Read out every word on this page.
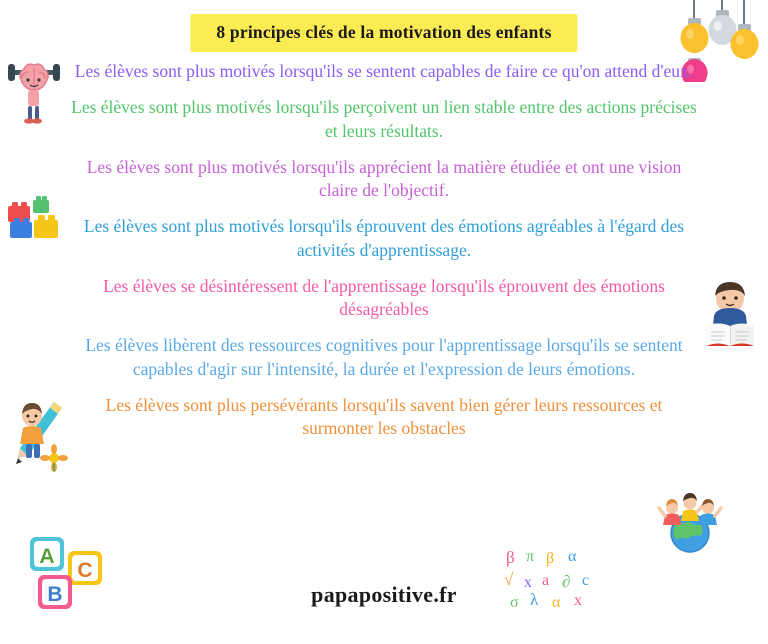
8 principes clés de la motivation des enfants
A
C
B
β π β α
√ x a ∂ c
σ λ α x
Les élèves sont plus motivés lorsqu'ils se sentent capables de faire ce qu'on attend d'eux.
Les élèves sont plus motivés lorsqu'ils perçoivent un lien stable entre des actions précises et leurs résultats.
Les élèves sont plus motivés lorsqu'ils apprécient la matière étudiée et ont une vision claire de l'objectif.
Les élèves sont plus motivés lorsqu'ils éprouvent des émotions agréables à l'égard des activités d'apprentissage.
Les élèves se désintéressent de l'apprentissage lorsqu'ils éprouvent des émotions désagréables
Les élèves libèrent des ressources cognitives pour l'apprentissage lorsqu'ils se sentent capables d'agir sur l'intensité, la durée et l'expression de leurs émotions.
Les élèves sont plus persévérants lorsqu'ils savent bien gérer leurs ressources et surmonter les obstacles
papapositive.fr
